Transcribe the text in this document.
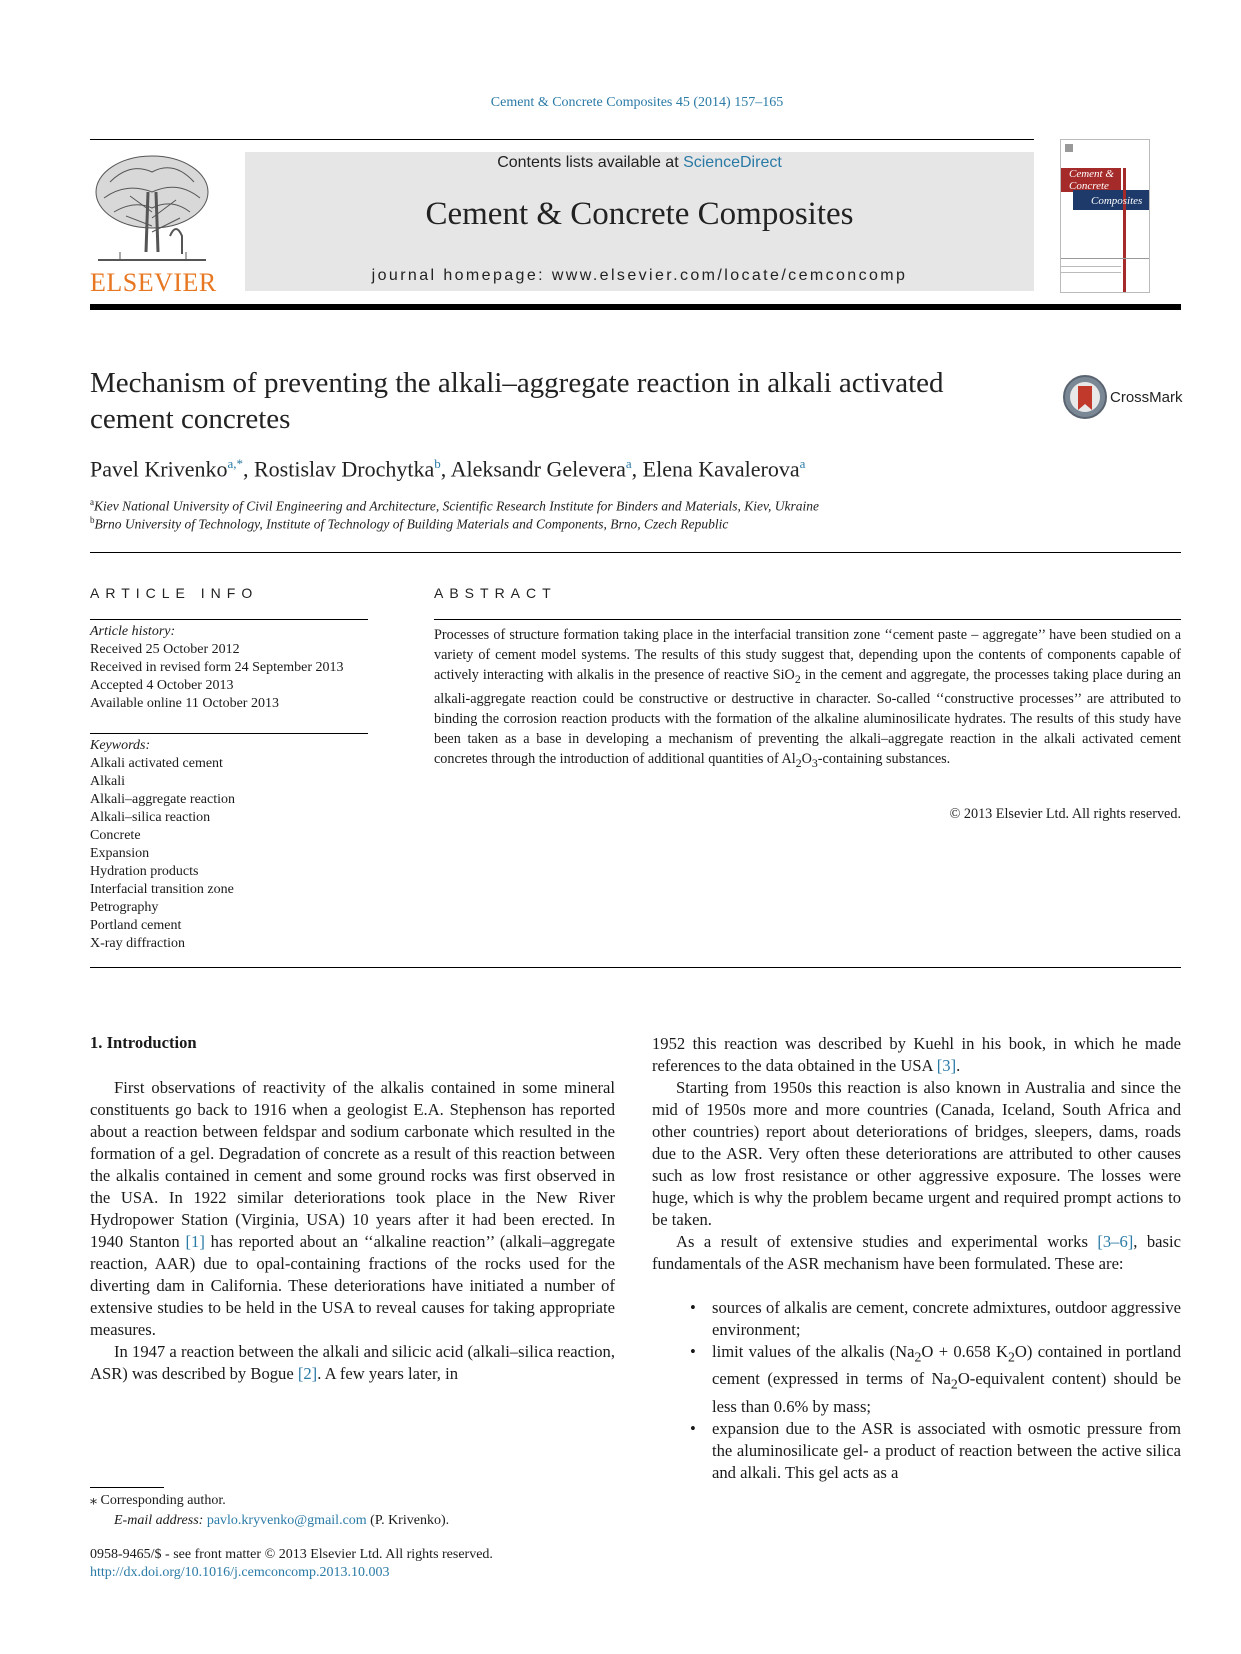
Cement & Concrete Composites 45 (2014) 157–165
ELSEVIER
Contents lists available at ScienceDirect
Cement & Concrete Composites
journal homepage: www.elsevier.com/locate/cemconcomp
Cement &
Concrete
Composites
Mechanism of preventing the alkali–aggregate reaction in alkali activated cement concretes
CrossMark
Pavel Krivenko$^{a,*}$, Rostislav Drochytka$^b$, Aleksandr Gelevera$^a$, Elena Kavalerova$^a$
$^a$Kiev National University of Civil Engineering and Architecture, Scientific Research Institute for Binders and Materials, Kiev, Ukraine
$^b$Brno University of Technology, Institute of Technology of Building Materials and Components, Brno, Czech Republic
ARTICLE INFO
Article history:
Received 25 October 2012
Received in revised form 24 September 2013
Accepted 4 October 2013
Available online 11 October 2013
Keywords:
Alkali activated cement
Alkali
Alkali–aggregate reaction
Alkali–silica reaction
Concrete
Expansion
Hydration products
Interfacial transition zone
Petrography
Portland cement
X-ray diffraction
ABSTRACT
Processes of structure formation taking place in the interfacial transition zone ‘‘cement paste – aggregate’’ have been studied on a variety of cement model systems. The results of this study suggest that, depending upon the contents of components capable of actively interacting with alkalis in the presence of reactive SiO$_2$ in the cement and aggregate, the processes taking place during an alkali-aggregate reaction could be constructive or destructive in character. So-called ‘‘constructive processes’’ are attributed to binding the corrosion reaction products with the formation of the alkaline aluminosilicate hydrates. The results of this study have been taken as a base in developing a mechanism of preventing the alkali–aggregate reaction in the alkali activated cement concretes through the introduction of additional quantities of $Al_2O_3$-containing substances.
© 2013 Elsevier Ltd. All rights reserved.
1. Introduction

First observations of reactivity of the alkalis contained in some mineral constituents go back to 1916 when a geologist E.A. Stephenson has reported about a reaction between feldspar and sodium carbonate which resulted in the formation of a gel. Degradation of concrete as a result of this reaction between the alkalis contained in cement and some ground rocks was first observed in the USA. In 1922 similar deteriorations took place in the New River Hydropower Station (Virginia, USA) 10 years after it had been erected. In 1940 Stanton [1] has reported about an ‘‘alkaline reaction’’ (alkali–aggregate reaction, AAR) due to opal-containing fractions of the rocks used for the diverting dam in California. These deteriorations have initiated a number of extensive studies to be held in the USA to reveal causes for taking appropriate measures.

In 1947 a reaction between the alkali and silicic acid (alkali–silica reaction, ASR) was described by Bogue [2]. A few years later, in

1952 this reaction was described by Kuehl in his book, in which he made references to the data obtained in the USA [3].

Starting from 1950s this reaction is also known in Australia and since the mid of 1950s more and more countries (Canada, Iceland, South Africa and other countries) report about deteriorations of bridges, sleepers, dams, roads due to the ASR. Very often these deteriorations are attributed to other causes such as low frost resistance or other aggressive exposure. The losses were huge, which is why the problem became urgent and required prompt actions to be taken.

As a result of extensive studies and experimental works [3–6], basic fundamentals of the ASR mechanism have been formulated. These are:

• sources of alkalis are cement, concrete admixtures, outdoor aggressive environment;
• limit values of the alkalis ($Na_2O + 0.658$ $K_2O$) contained in portland cement (expressed in terms of $Na_2O$-equivalent content) should be less than 0.6% by mass;
• expansion due to the ASR is associated with osmotic pressure from the aluminosilicate gel- a product of reaction between the active silica and alkali. This gel acts as a
⁎ Corresponding author.
E-mail address: pavlo.kryvenko@gmail.com (P. Krivenko).
0958-9465/$ - see front matter © 2013 Elsevier Ltd. All rights reserved.
http://dx.doi.org/10.1016/j.cemconcomp.2013.10.003
